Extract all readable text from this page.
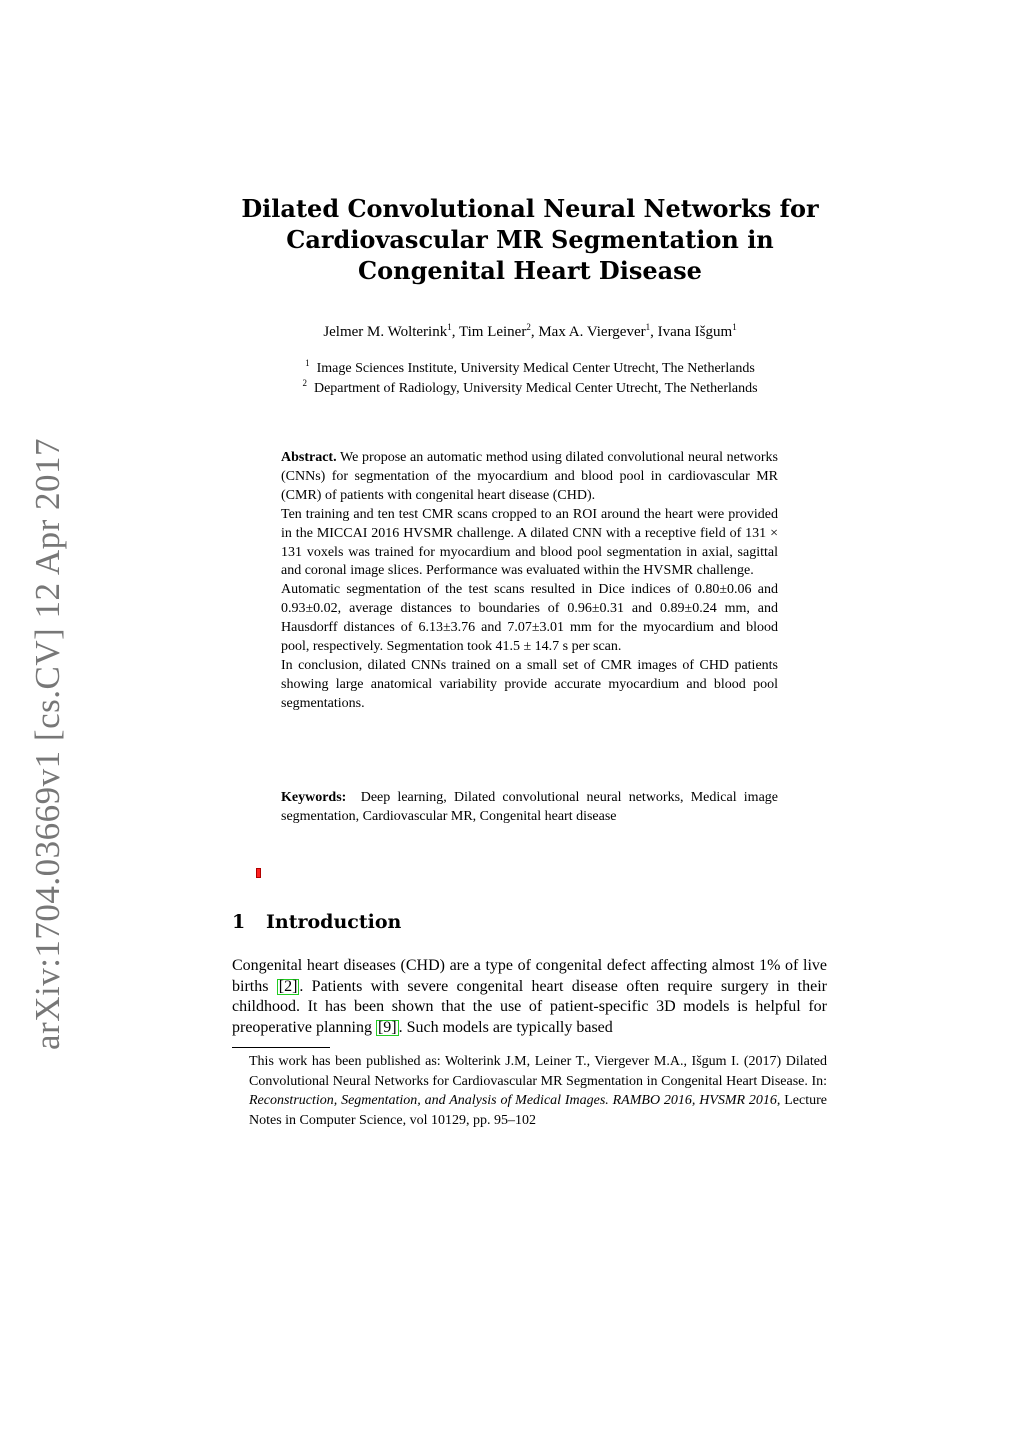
arXiv:1704.03669v1 [cs.CV] 12 Apr 2017
Dilated Convolutional Neural Networks for
Cardiovascular MR Segmentation in
Congenital Heart Disease
Jelmer M. Wolterink$^1$, Tim Leiner$^2$, Max A. Viergever$^1$, Ivana Išgum$^1$
$^1$ Image Sciences Institute, University Medical Center Utrecht, The Netherlands
$^2$ Department of Radiology, University Medical Center Utrecht, The Netherlands

Abstract. We propose an automatic method using dilated convolutional neural networks (CNNs) for segmentation of the myocardium and blood pool in cardiovascular MR (CMR) of patients with congenital heart disease (CHD).

Ten training and ten test CMR scans cropped to an ROI around the heart were provided in the MICCAI 2016 HVSMR challenge. A dilated CNN with a receptive field of 131 × 131 voxels was trained for myocardium and blood pool segmentation in axial, sagittal and coronal image slices. Performance was evaluated within the HVSMR challenge.

Automatic segmentation of the test scans resulted in Dice indices of 0.80±0.06 and 0.93±0.02, average distances to boundaries of 0.96±0.31 and 0.89±0.24 mm, and Hausdorff distances of 6.13±3.76 and 7.07±3.01 mm for the myocardium and blood pool, respectively. Segmentation took 41.5 ± 14.7 s per scan.

In conclusion, dilated CNNs trained on a small set of CMR images of CHD patients showing large anatomical variability provide accurate myocardium and blood pool segmentations.

Keywords: Deep learning, Dilated convolutional neural networks, Medical image segmentation, Cardiovascular MR, Congenital heart disease
1 Introduction
Congenital heart diseases (CHD) are a type of congenital defect affecting almost 1% of live births [2] . Patients with severe congenital heart disease often require surgery in their childhood. It has been shown that the use of patient-specific 3D models is helpful for preoperative planning [9] . Such models are typically based
This work has been published as: Wolterink J.M, Leiner T., Viergever M.A., Išgum I. (2017) Dilated Convolutional Neural Networks for Cardiovascular MR Segmentation in Congenital Heart Disease. In: Reconstruction, Segmentation, and Analysis of Medical Images. RAMBO 2016, HVSMR 2016, Lecture Notes in Computer Science, vol 10129, pp. 95–102
